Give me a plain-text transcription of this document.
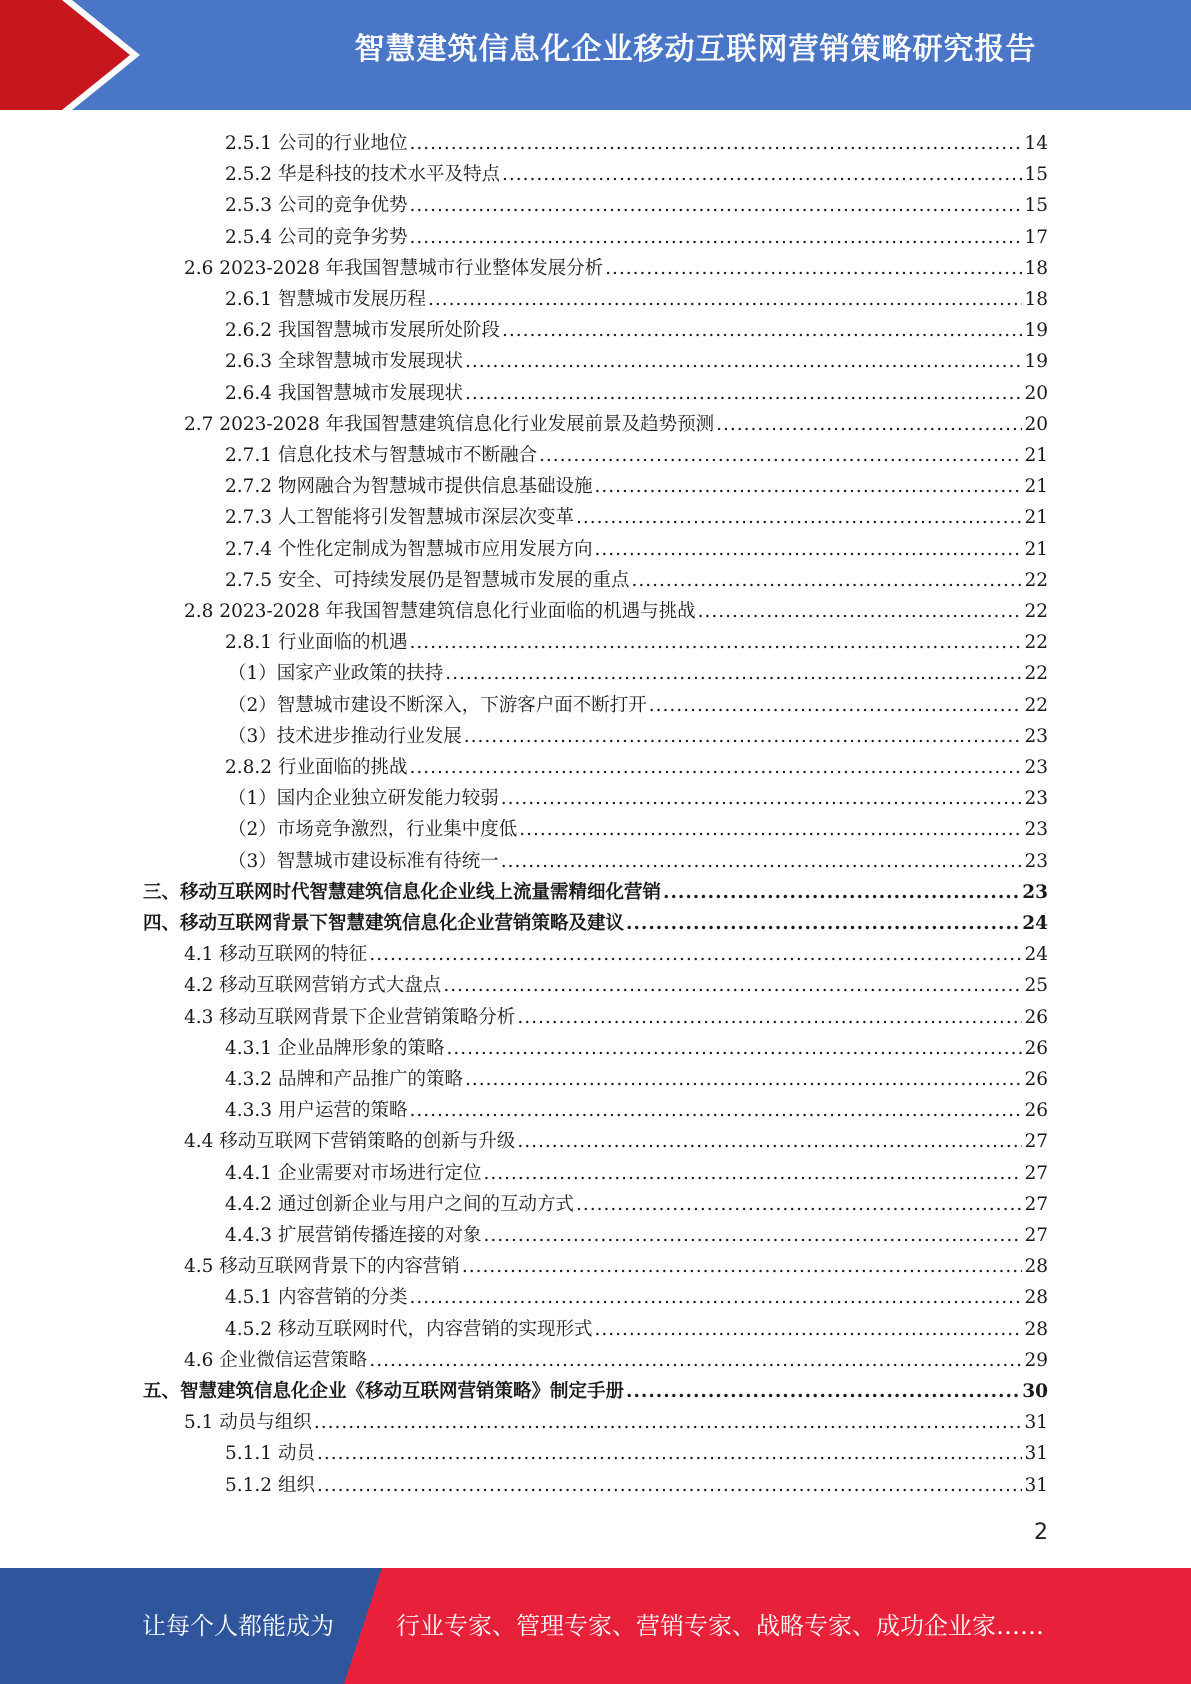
智慧建筑信息化企业移动互联网营销策略研究报告
2.5.1 公司的行业地位 .....	14
2.5.2 华是科技的技术水平及特点 .....	15
2.5.3 公司的竞争优势 .....	15
2.5.4 公司的竞争劣势 .....	17
2.6 2023-2028 年我国智慧城市行业整体发展分析 .....	18
2.6.1 智慧城市发展历程 .....	18
2.6.2 我国智慧城市发展所处阶段 .....	19
2.6.3 全球智慧城市发展现状 .....	19
2.6.4 我国智慧城市发展现状 .....	20
2.7 2023-2028 年我国智慧建筑信息化行业发展前景及趋势预测 .....	20
2.7.1 信息化技术与智慧城市不断融合 .....	21
2.7.2 物网融合为智慧城市提供信息基础设施 .....	21
2.7.3 人工智能将引发智慧城市深层次变革 .....	21
2.7.4 个性化定制成为智慧城市应用发展方向 .....	21
2.7.5 安全、可持续发展仍是智慧城市发展的重点 .....	22
2.8 2023-2028 年我国智慧建筑信息化行业面临的机遇与挑战 .....	22
2.8.1 行业面临的机遇 .....	22
（1）国家产业政策的扶持 .....	22
（2）智慧城市建设不断深入，下游客户面不断打开 .....	22
（3）技术进步推动行业发展 .....	23
2.8.2 行业面临的挑战 .....	23
（1）国内企业独立研发能力较弱 .....	23
（2）市场竞争激烈，行业集中度低 .....	23
（3）智慧城市建设标准有待统一 .....	23
三、移动互联网时代智慧建筑信息化企业线上流量需精细化营销 .....	23
四、移动互联网背景下智慧建筑信息化企业营销策略及建议 .....	24
4.1 移动互联网的特征 .....	24
4.2 移动互联网营销方式大盘点 .....	25
4.3 移动互联网背景下企业营销策略分析 .....	26
4.3.1 企业品牌形象的策略 .....	26
4.3.2 品牌和产品推广的策略 .....	26
4.3.3 用户运营的策略 .....	26
4.4 移动互联网下营销策略的创新与升级 .....	27
4.4.1 企业需要对市场进行定位 .....	27
4.4.2 通过创新企业与用户之间的互动方式 .....	27
4.4.3 扩展营销传播连接的对象 .....	27
4.5 移动互联网背景下的内容营销 .....	28
4.5.1 内容营销的分类 .....	28
4.5.2 移动互联网时代，内容营销的实现形式 .....	28
4.6 企业微信运营策略 .....	29
五、智慧建筑信息化企业《移动互联网营销策略》制定手册 .....	30
5.1 动员与组织 .....	31
5.1.1 动员 .....	31
5.1.2 组织 .....	31
2
让每个人都能成为	行业专家、管理专家、营销专家、战略专家、成功企业家……
